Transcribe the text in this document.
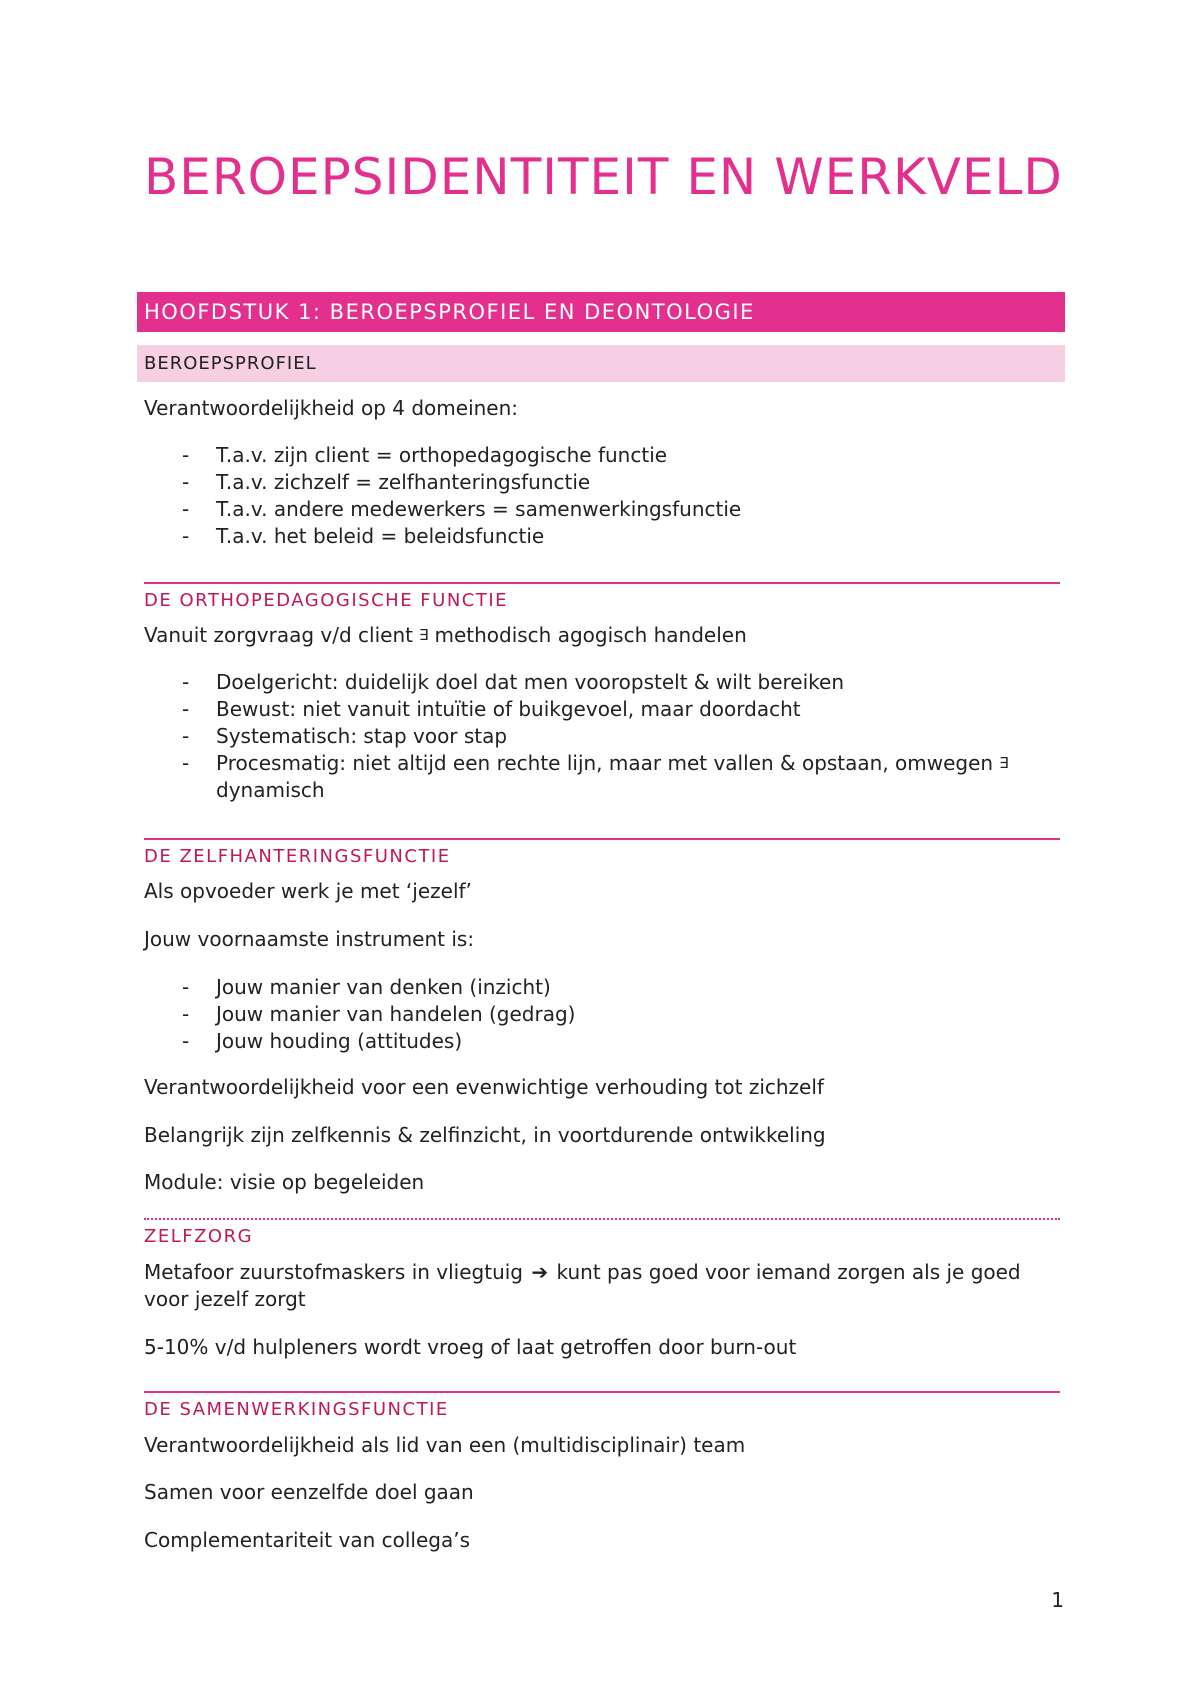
BEROEPSIDENTITEIT EN WERKVELD
HOOFDSTUK 1: BEROEPSPROFIEL EN DEONTOLOGIE
BEROEPSPROFIEL
Verantwoordelijkheid op 4 domeinen:
- T.a.v. zijn client = orthopedagogische functie
- T.a.v. zichzelf = zelfhanteringsfunctie
- T.a.v. andere medewerkers = samenwerkingsfunctie
- T.a.v. het beleid = beleidsfunctie
DE ORTHOPEDAGOGISCHE FUNCTIE
Vanuit zorgvraag v/d client ∃ methodisch agogisch handelen
- Doelgericht: duidelijk doel dat men vooropstelt & wilt bereiken
- Bewust: niet vanuit intuïtie of buikgevoel, maar doordacht
- Systematisch: stap voor stap
- Procesmatig: niet altijd een rechte lijn, maar met vallen & opstaan, omwegen ∃
dynamisch
DE ZELFHANTERINGSFUNCTIE
Als opvoeder werk je met ‘jezelf’
Jouw voornaamste instrument is:
- Jouw manier van denken (inzicht)
- Jouw manier van handelen (gedrag)
- Jouw houding (attitudes)
Verantwoordelijkheid voor een evenwichtige verhouding tot zichzelf
Belangrijk zijn zelfkennis & zelfinzicht, in voortdurende ontwikkeling
Module: visie op begeleiden
ZELFZORG
Metafoor zuurstofmaskers in vliegtuig ➔ kunt pas goed voor iemand zorgen als je goed
voor jezelf zorgt
5-10% v/d hulpleners wordt vroeg of laat getroffen door burn-out
DE SAMENWERKINGSFUNCTIE
Verantwoordelijkheid als lid van een (multidisciplinair) team
Samen voor eenzelfde doel gaan
Complementariteit van collega’s
1
